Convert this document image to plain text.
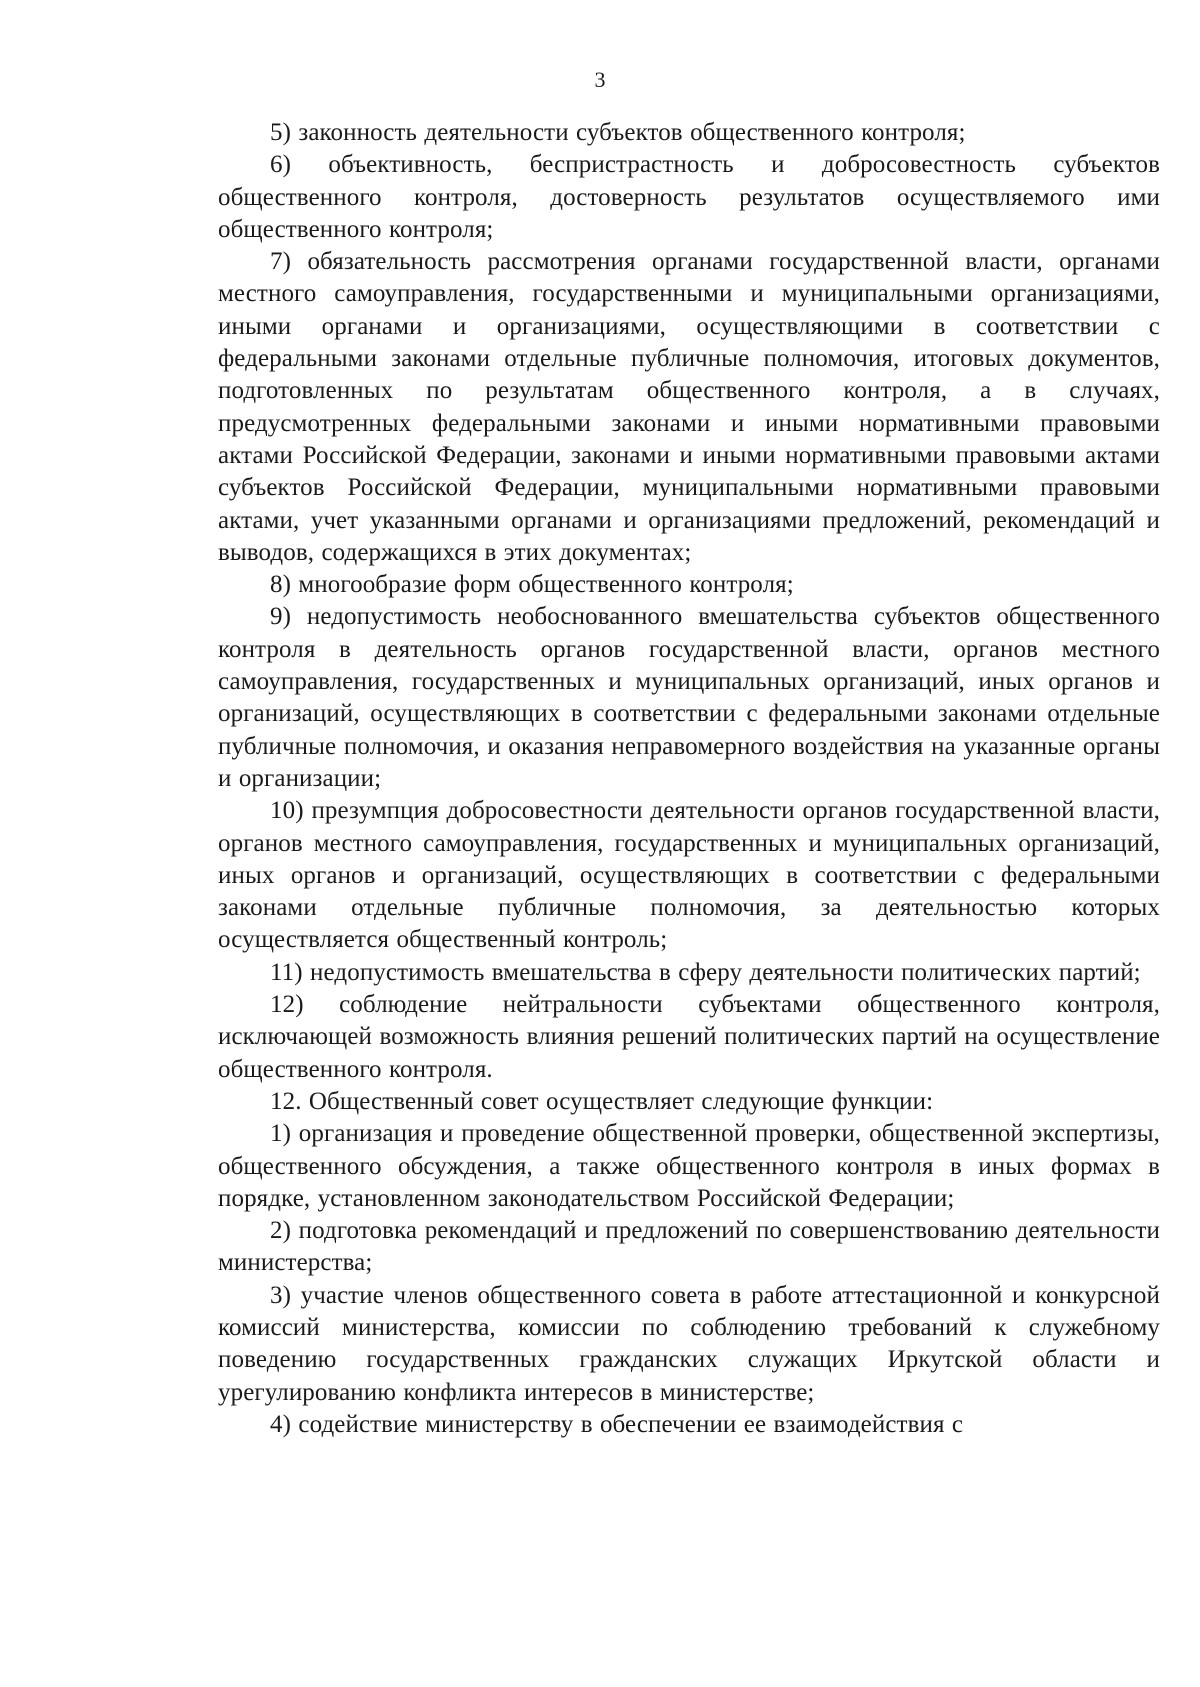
3

5) законность деятельности субъектов общественного контроля;

6) объективность, беспристрастность и добросовестность субъектов общественного контроля, достоверность результатов осуществляемого ими общественного контроля;

7) обязательность рассмотрения органами государственной власти, органами местного самоуправления, государственными и муниципальными организациями, иными органами и организациями, осуществляющими в соответствии с федеральными законами отдельные публичные полномочия, итоговых документов, подготовленных по результатам общественного контроля, а в случаях, предусмотренных федеральными законами и иными нормативными правовыми актами Российской Федерации, законами и иными нормативными правовыми актами субъектов Российской Федерации, муниципальными нормативными правовыми актами, учет указанными органами и организациями предложений, рекомендаций и выводов, содержащихся в этих документах;

8) многообразие форм общественного контроля;

9) недопустимость необоснованного вмешательства субъектов общественного контроля в деятельность органов государственной власти, органов местного самоуправления, государственных и муниципальных организаций, иных органов и организаций, осуществляющих в соответствии с федеральными законами отдельные публичные полномочия, и оказания неправомерного воздействия на указанные органы и организации;

10) презумпция добросовестности деятельности органов государственной власти, органов местного самоуправления, государственных и муниципальных организаций, иных органов и организаций, осуществляющих в соответствии с федеральными законами отдельные публичные полномочия, за деятельностью которых осуществляется общественный контроль;

11) недопустимость вмешательства в сферу деятельности политических партий;

12) соблюдение нейтральности субъектами общественного контроля, исключающей возможность влияния решений политических партий на осуществление общественного контроля.

12. Общественный совет осуществляет следующие функции:

1) организация и проведение общественной проверки, общественной экспертизы, общественного обсуждения, а также общественного контроля в иных формах в порядке, установленном законодательством Российской Федерации;

2) подготовка рекомендаций и предложений по совершенствованию деятельности министерства;

3) участие членов общественного совета в работе аттестационной и конкурсной комиссий министерства, комиссии по соблюдению требований к служебному поведению государственных гражданских служащих Иркутской области и урегулированию конфликта интересов в министерстве;

4) содействие министерству в обеспечении ее взаимодействия с
